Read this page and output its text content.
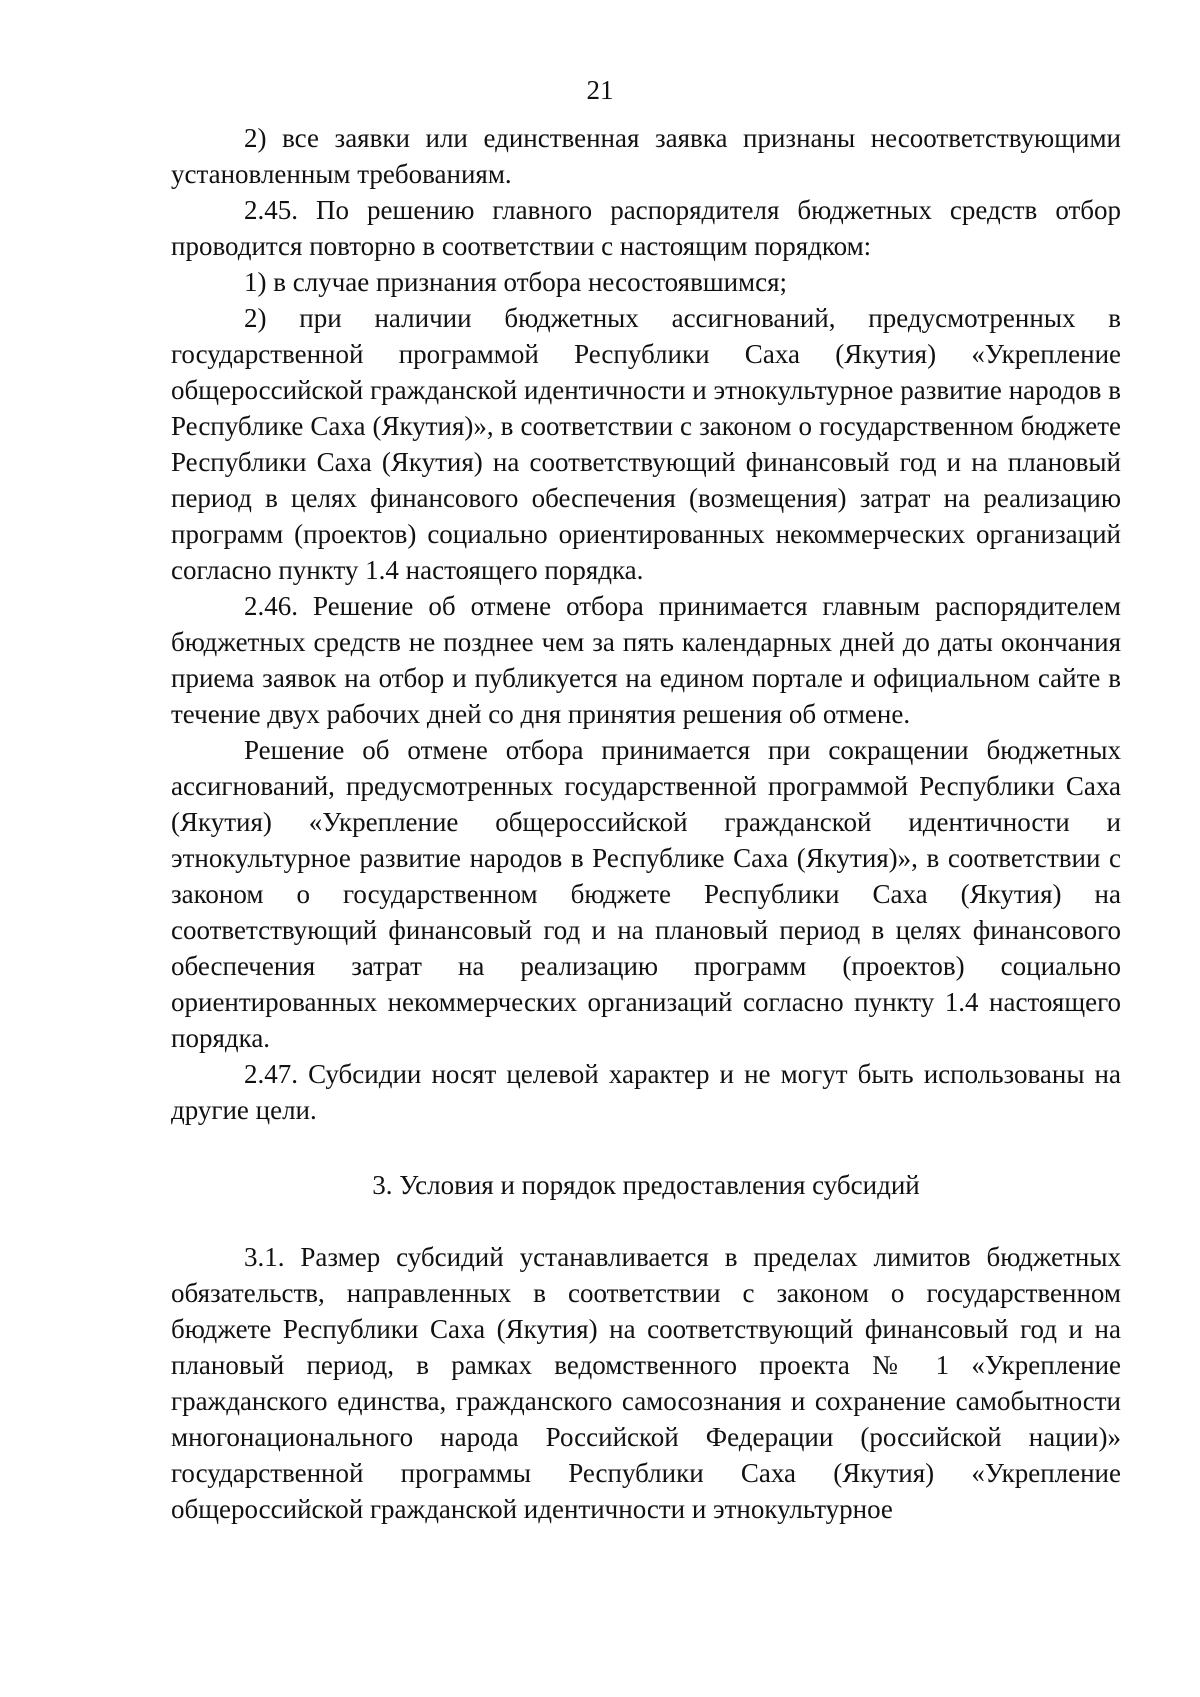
21

2) все заявки или единственная заявка признаны несоответствующими установленным требованиям.

2.45. По решению главного распорядителя бюджетных средств отбор проводится повторно в соответствии с настоящим порядком:

1) в случае признания отбора несостоявшимся;

2) при наличии бюджетных ассигнований, предусмотренных в государственной программой Республики Саха (Якутия) «Укрепление общероссийской гражданской идентичности и этнокультурное развитие народов в Республике Саха (Якутия)», в соответствии с законом о государственном бюджете Республики Саха (Якутия) на соответствующий финансовый год и на плановый период в целях финансового обеспечения (возмещения) затрат на реализацию программ (проектов) социально ориентированных некоммерческих организаций согласно пункту 1.4 настоящего порядка.

2.46. Решение об отмене отбора принимается главным распорядителем бюджетных средств не позднее чем за пять календарных дней до даты окончания приема заявок на отбор и публикуется на едином портале и официальном сайте в течение двух рабочих дней со дня принятия решения об отмене.

Решение об отмене отбора принимается при сокращении бюджетных ассигнований, предусмотренных государственной программой Республики Саха (Якутия) «Укрепление общероссийской гражданской идентичности и этнокультурное развитие народов в Республике Саха (Якутия)», в соответствии с законом о государственном бюджете Республики Саха (Якутия) на соответствующий финансовый год и на плановый период в целях финансового обеспечения затрат на реализацию программ (проектов) социально ориентированных некоммерческих организаций согласно пункту 1.4 настоящего порядка.

2.47. Субсидии носят целевой характер и не могут быть использованы на другие цели.

3. Условия и порядок предоставления субсидий

3.1. Размер субсидий устанавливается в пределах лимитов бюджетных обязательств, направленных в соответствии с законом о государственном бюджете Республики Саха (Якутия) на соответствующий финансовый год и на плановый период, в рамках ведомственного проекта № 1 «Укрепление гражданского единства, гражданского самосознания и сохранение самобытности многонационального народа Российской Федерации (российской нации)» государственной программы Республики Саха (Якутия) «Укрепление общероссийской гражданской идентичности и этнокультурное
